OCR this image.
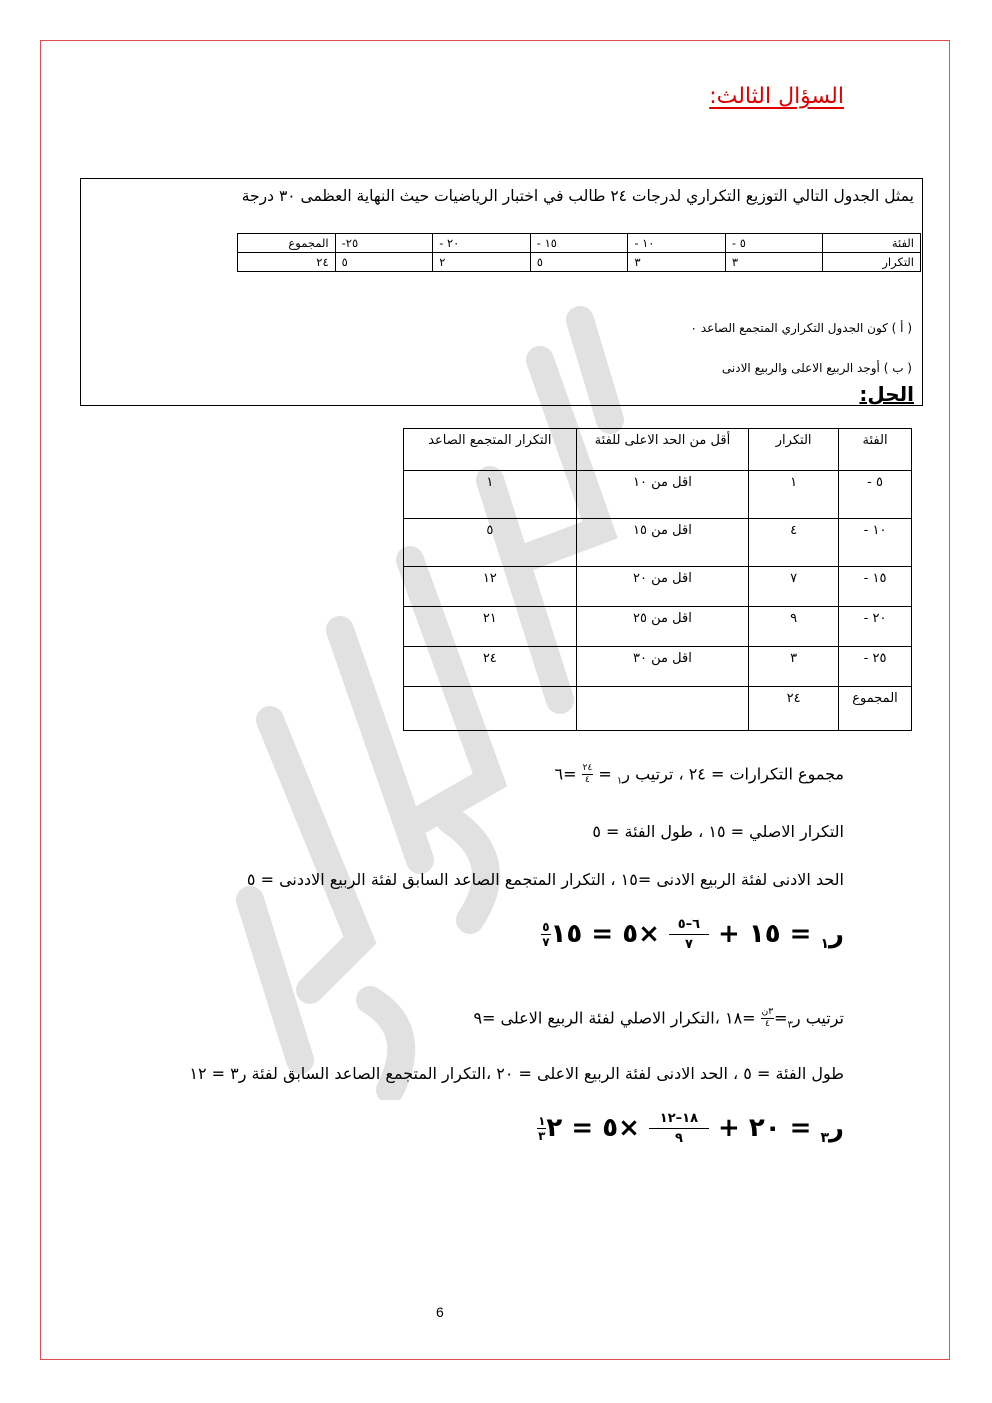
السؤال الثالث:
يمثل الجدول التالي التوزيع التكراري لدرجات ٢٤ طالب في اختبار الرياضيات حيث النهاية العظمى ٣٠ درجة
الفئة	٥ -	١٠ -	١٥ -	٢٠ -	٢٥-	المجموع
التكرار	٣	٣	٥	٢	٥	٢٤
( أ ) كون الجدول التكراري المتجمع الصاعد ٠
( ب ) أوجد الربيع الاعلى والربيع الادنى
الحل:
الفئة	التكرار	أقل من الحد الاعلى للفئة	التكرار المتجمع الصاعد
٥ -	١	اقل من ١٠	١
١٠ -	٤	اقل من ١٥	٥
١٥ -	٧	اقل من ٢٠	١٢
٢٠ -	٩	اقل من ٢٥	٢١
٢٥ -	٣	اقل من ٣٠	٢٤
المجموع	٢٤		
مجموع التكرارات = ٢٤ ، ترتيب ر$_١$ =
$\frac{٢٤}{٤}$
=٦
التكرار الاصلي = ١٥ ، طول الفئة = ٥
الحد الادنى لفئة الربيع الادنى =١٥ ، التكرار المتجمع الصاعد السابق لفئة الربيع الاددنى = ٥
ر$_١$ = ١٥ +
$\frac{٦-٥}{٧}$
×٥ = ١٥
$\frac{٥}{٧}$
ترتيب ر$_٣$=
$\frac{\text{٣ن}}{٤}$
=١٨ ،التكرار الاصلي لفئة الربيع الاعلى =٩
طول الفئة = ٥ ، الحد الادنى لفئة الربيع الاعلى = ٢٠ ،التكرار المتجمع الصاعد السابق لفئة ر٣ = ١٢
ر$_٣$ = ٢٠ +
$\frac{١٨-١٢}{٩}$
×٥ = ٢
$\frac{١}{٣}$
6
